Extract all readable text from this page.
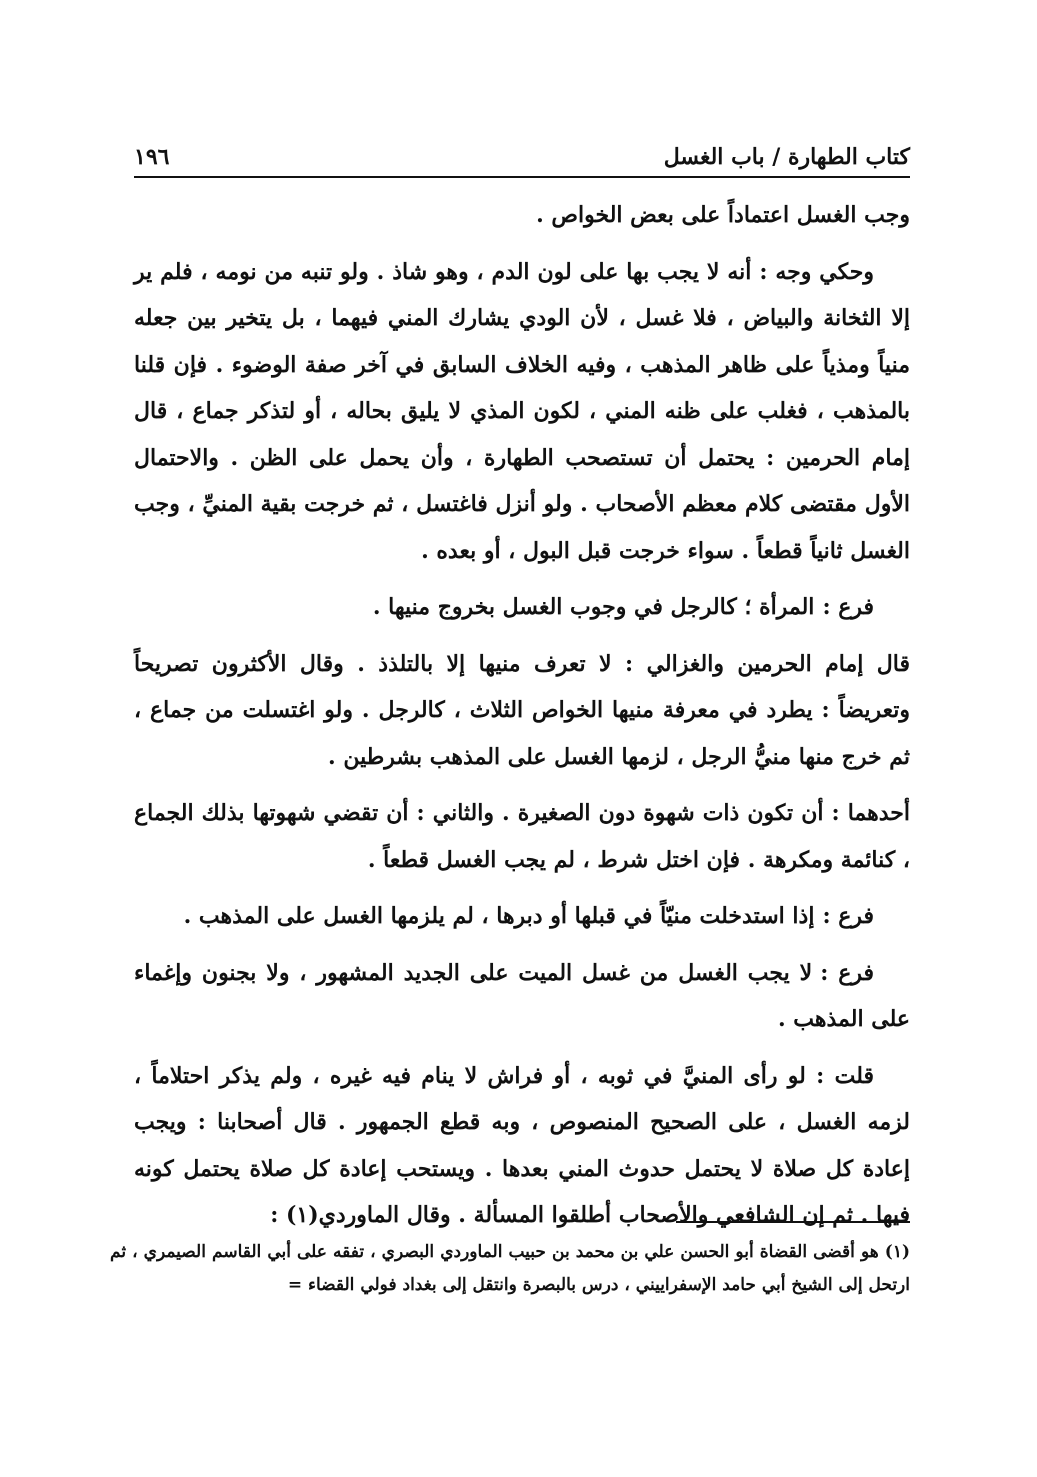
كتاب الطهارة / باب الغسل
١٩٦

وجب الغسل اعتماداً على بعض الخواص .

وحكي وجه : أنه لا يجب بها على لون الدم ، وهو شاذ . ولو تنبه من نومه ، فلم ير إلا الثخانة والبياض ، فلا غسل ، لأن الودي يشارك المني فيهما ، بل يتخير بين جعله منياً ومذياً على ظاهر المذهب ، وفيه الخلاف السابق في آخر صفة الوضوء . فإن قلنا بالمذهب ، فغلب على ظنه المني ، لكون المذي لا يليق بحاله ، أو لتذكر جماع ، قال إمام الحرمين : يحتمل أن تستصحب الطهارة ، وأن يحمل على الظن . والاحتمال الأول مقتضى كلام معظم الأصحاب . ولو أنزل فاغتسل ، ثم خرجت بقية المنيِّ ، وجب الغسل ثانياً قطعاً . سواء خرجت قبل البول ، أو بعده .

فرع :المرأة ؛ كالرجل في وجوب الغسل بخروج منيها .

قال إمام الحرمين والغزالي : لا تعرف منيها إلا بالتلذذ . وقال الأكثرون تصريحاً وتعريضاً : يطرد في معرفة منيها الخواص الثلاث ، كالرجل . ولو اغتسلت من جماع ، ثم خرج منها منيُّ الرجل ، لزمها الغسل على المذهب بشرطين .

أحدهما : أن تكون ذات شهوة دون الصغيرة . والثاني : أن تقضي شهوتها بذلك الجماع ، كنائمة ومكرهة . فإن اختل شرط ، لم يجب الغسل قطعاً .

فرع :إذا استدخلت منيّاً في قبلها أو دبرها ، لم يلزمها الغسل على المذهب .

فرع :لا يجب الغسل من غسل الميت على الجديد المشهور ، ولا بجنون وإغماء على المذهب .

قلت : لو رأى المنيَّ في ثوبه ، أو فراش لا ينام فيه غيره ، ولم يذكر احتلاماً ، لزمه الغسل ، على الصحيح المنصوص ، وبه قطع الجمهور . قال أصحابنا : ويجب إعادة كل صلاة لا يحتمل حدوث المني بعدها . ويستحب إعادة كل صلاة يحتمل كونه فيها . ثم إن الشافعي والأصحاب أطلقوا المسألة . وقال الماوردي(١) :

(١) هو أقضى القضاة أبو الحسن علي بن محمد بن حبيب الماوردي البصري ، تفقه على أبي القاسم الصيمري ، ثم ارتحل إلى الشيخ أبي حامد الإسفراييني ، درس بالبصرة وانتقل إلى بغداد فولي القضاء =
